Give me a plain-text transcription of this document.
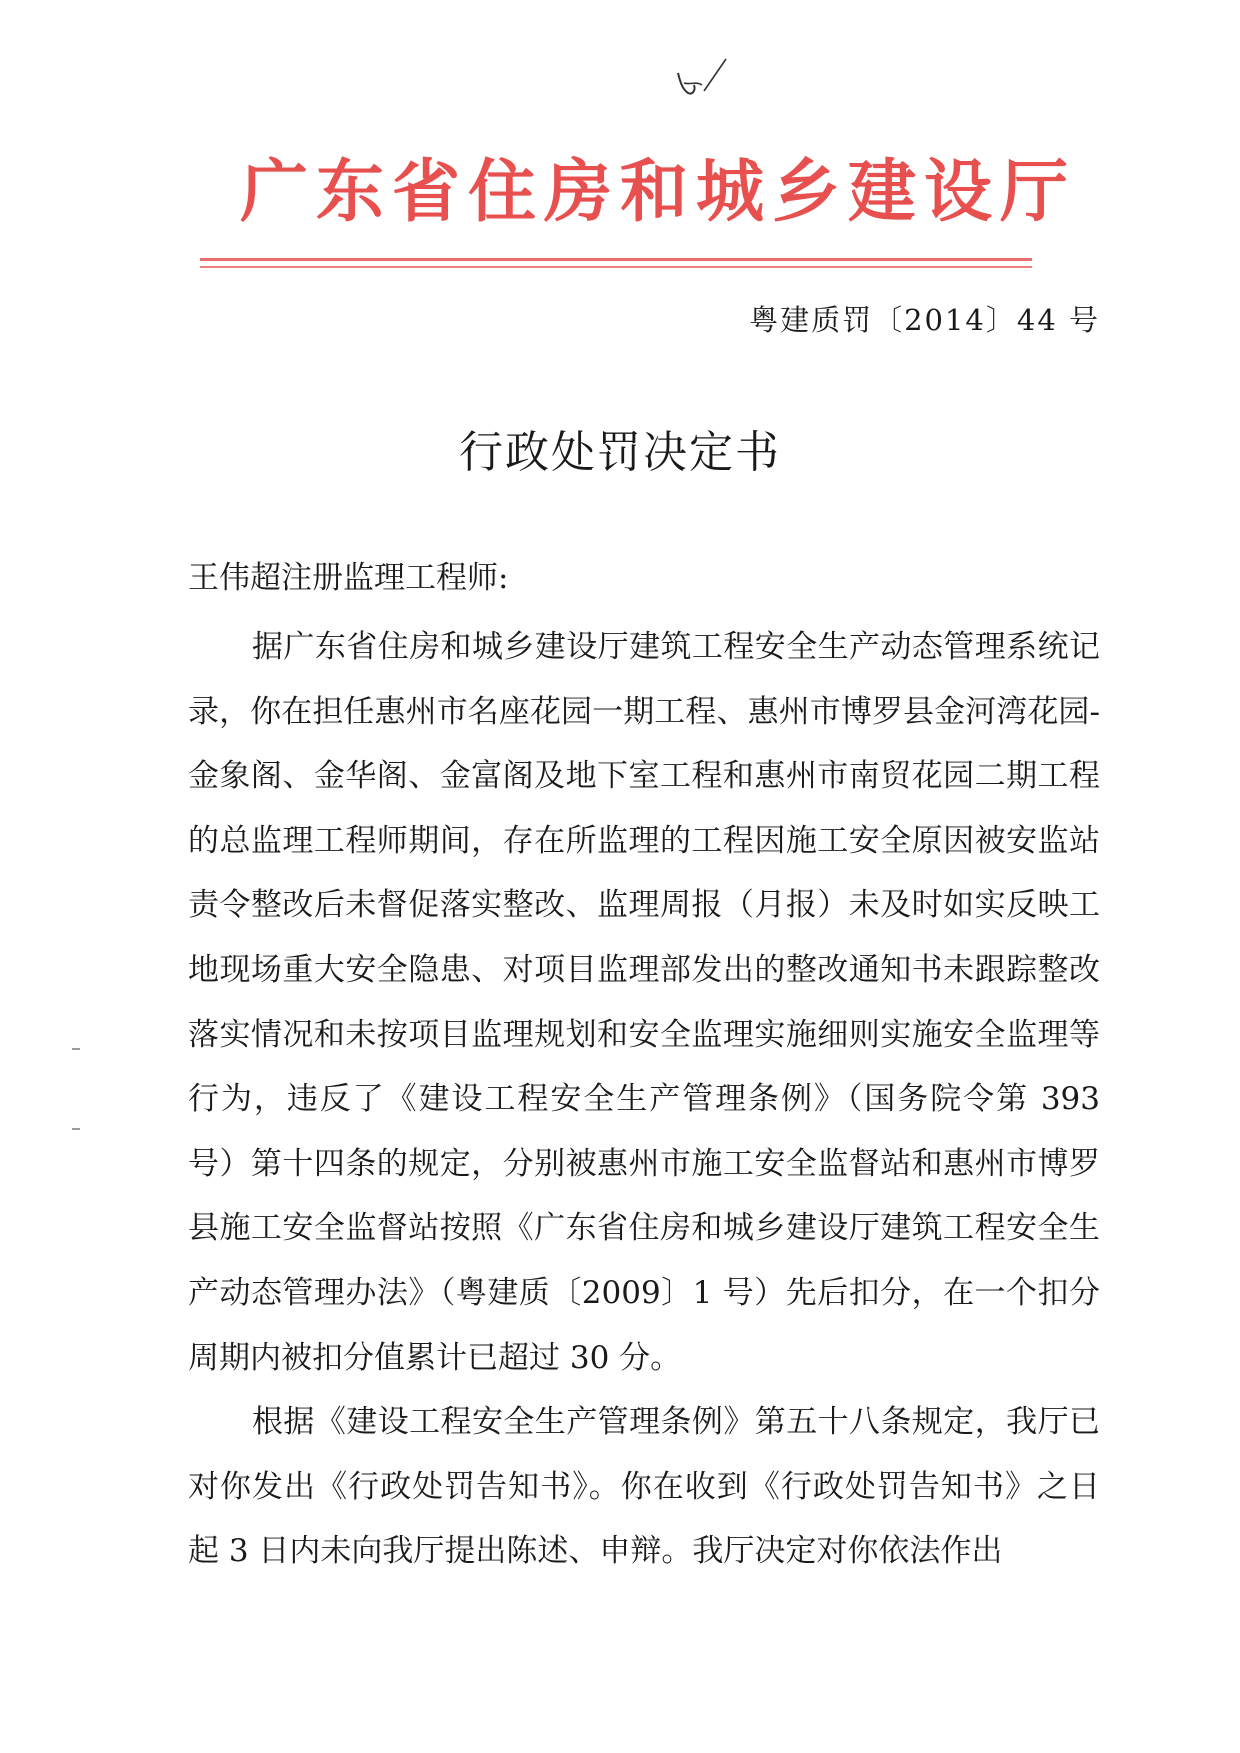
广东省住房和城乡建设厅
粤建质罚〔2014〕44 号
行政处罚决定书
王伟超注册监理工程师:

据广东省住房和城乡建设厅建筑工程安全生产动态管理系统记录，你在担任惠州市名座花园一期工程、惠州市博罗县金河湾花园-金象阁、金华阁、金富阁及地下室工程和惠州市南贸花园二期工程的总监理工程师期间，存在所监理的工程因施工安全原因被安监站责令整改后未督促落实整改、监理周报（月报）未及时如实反映工地现场重大安全隐患、对项目监理部发出的整改通知书未跟踪整改落实情况和未按项目监理规划和安全监理实施细则实施安全监理等行为，违反了《建设工程安全生产管理条例》（国务院令第 393 号）第十四条的规定，分别被惠州市施工安全监督站和惠州市博罗县施工安全监督站按照《广东省住房和城乡建设厅建筑工程安全生产动态管理办法》（粤建质〔2009〕1 号）先后扣分，在一个扣分周期内被扣分值累计已超过 30 分。

根据《建设工程安全生产管理条例》第五十八条规定，我厅已对你发出《行政处罚告知书》。你在收到《行政处罚告知书》之日起 3 日内未向我厅提出陈述、申辩。我厅决定对你依法作出
